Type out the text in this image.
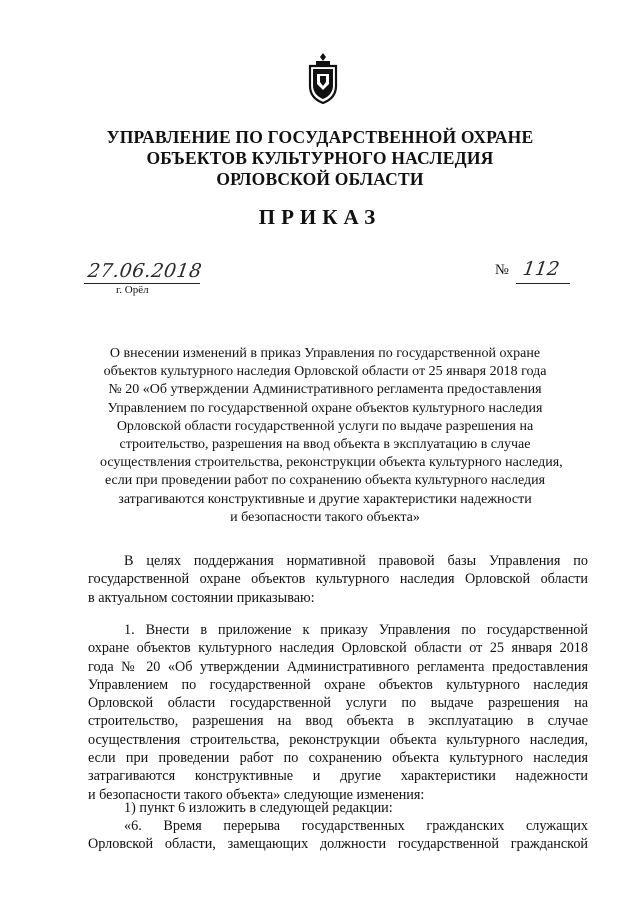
УПРАВЛЕНИЕ ПО ГОСУДАРСТВЕННОЙ ОХРАНЕ
ОБЪЕКТОВ КУЛЬТУРНОГО НАСЛЕДИЯ
ОРЛОВСКОЙ ОБЛАСТИ
ПРИКАЗ
27.06.2018
г. Орёл
№ 112
О внесении изменений в приказ Управления по государственной охране
объектов культурного наследия Орловской области от 25 января 2018 года
№ 20 «Об утверждении Административного регламента предоставления
Управлением по государственной охране объектов культурного наследия
Орловской области государственной услуги по выдаче разрешения на
строительство, разрешения на ввод объекта в эксплуатацию в случае
осуществления строительства, реконструкции объекта культурного наследия,
если при проведении работ по сохранению объекта культурного наследия
затрагиваются конструктивные и другие характеристики надежности
и безопасности такого объекта»
В целях поддержания нормативной правовой базы Управления по
государственной охране объектов культурного наследия Орловской области
в актуальном состоянии приказываю:
1. Внести в приложение к приказу Управления по государственной
охране объектов культурного наследия Орловской области от 25 января 2018
года № 20 «Об утверждении Административного регламента предоставления
Управлением по государственной охране объектов культурного наследия
Орловской области государственной услуги по выдаче разрешения на
строительство, разрешения на ввод объекта в эксплуатацию в случае
осуществления строительства, реконструкции объекта культурного наследия,
если при проведении работ по сохранению объекта культурного наследия
затрагиваются конструктивные и другие характеристики надежности
и безопасности такого объекта» следующие изменения:
1) пункт 6 изложить в следующей редакции:
«6. Время перерыва государственных гражданских служащих
Орловской области, замещающих должности государственной гражданской
